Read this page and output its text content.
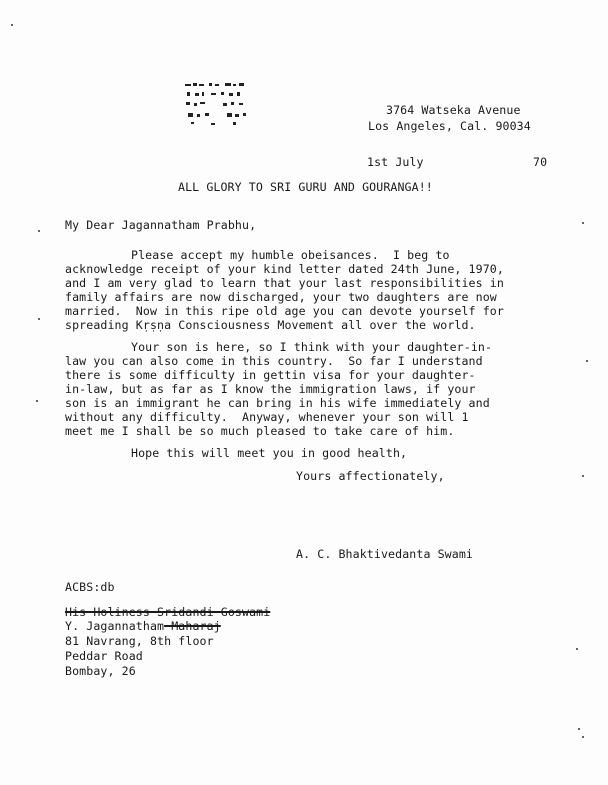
3764 Watseka Avenue
Los Angeles, Cal. 90034
1st July	70
ALL GLORY TO SRI GURU AND GOURANGA!!
My Dear Jagannatham Prabhu,
Please accept my humble obeisances.  I beg to
acknowledge receipt of your kind letter dated 24th June, 1970,
and I am very glad to learn that your last responsibilities in
family affairs are now discharged, your two daughters are now
married.  Now in this ripe old age you can devote yourself for
spreading Kṛṣṇa Consciousness Movement all over the world.
Your son is here, so I think with your daughter-in-
law you can also come in this country.  So far I understand
there is some difficulty in gettin visa for your daughter-
in-law, but as far as I know the immigration laws, if your
son is an immigrant he can bring in his wife immediately and
without any difficulty.  Anyway, whenever your son will 1
meet me I shall be so much pleased to take care of him.
Hope this will meet you in good health,
Yours affectionately,
A. C. Bhaktivedanta Swami
ACBS:db
His Holiness Sridandi Goswami
Y. Jagannatham Maharaj
81 Navrang, 8th floor
Peddar Road
Bombay, 26
